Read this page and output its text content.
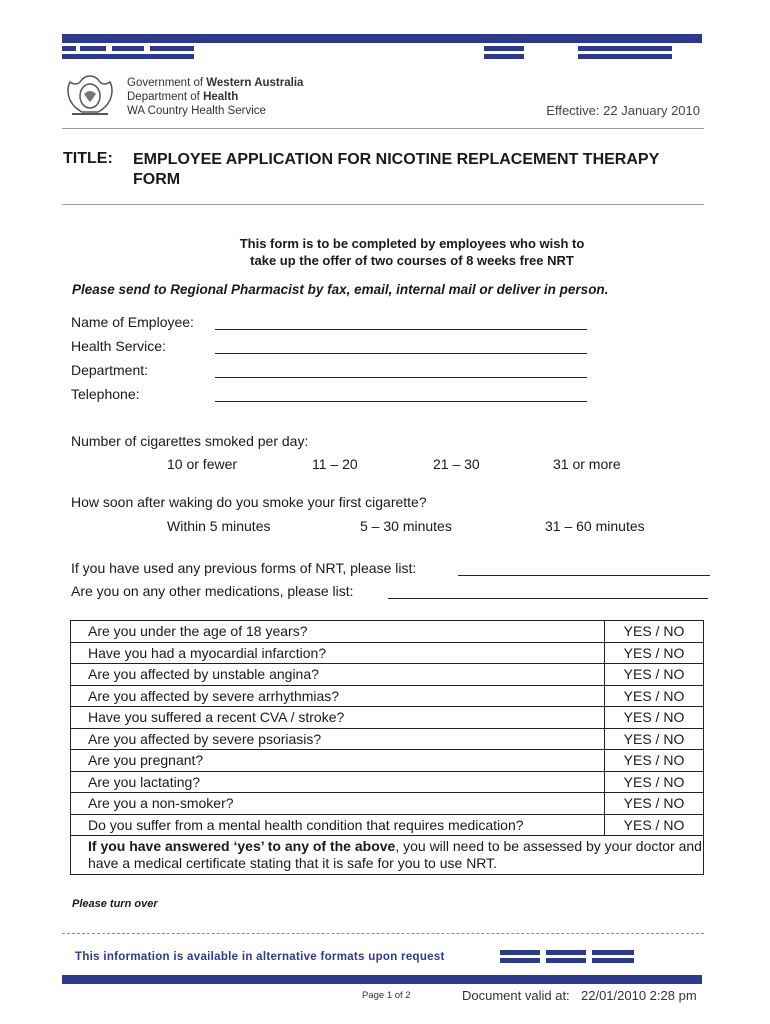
Government of Western Australia
Department of Health
WA Country Health Service	Effective: 22 January 2010
TITLE: EMPLOYEE APPLICATION FOR NICOTINE REPLACEMENT THERAPY FORM
This form is to be completed by employees who wish to
take up the offer of two courses of 8 weeks free NRT
Please send to Regional Pharmacist by fax, email, internal mail or deliver in person.
Name of Employee:
Health Service:
Department:
Telephone:
Number of cigarettes smoked per day:
10 or fewer	11 – 20	21 – 30	31 or more
How soon after waking do you smoke your first cigarette?
Within 5 minutes	5 – 30 minutes	31 – 60 minutes
If you have used any previous forms of NRT, please list:
Are you on any other medications, please list:
Are you under the age of 18 years?	YES / NO
Have you had a myocardial infarction?	YES / NO
Are you affected by unstable angina?	YES / NO
Are you affected by severe arrhythmias?	YES / NO
Have you suffered a recent CVA / stroke?	YES / NO
Are you affected by severe psoriasis?	YES / NO
Are you pregnant?	YES / NO
Are you lactating?	YES / NO
Are you a non-smoker?	YES / NO
Do you suffer from a mental health condition that requires medication?	YES / NO
If you have answered ‘yes’ to any of the above, you will need to be assessed by your doctor and have a medical certificate stating that it is safe for you to use NRT.	
Please turn over
This information is available in alternative formats upon request
Page 1 of 2	Document valid at: 22/01/2010 2:28 pm
